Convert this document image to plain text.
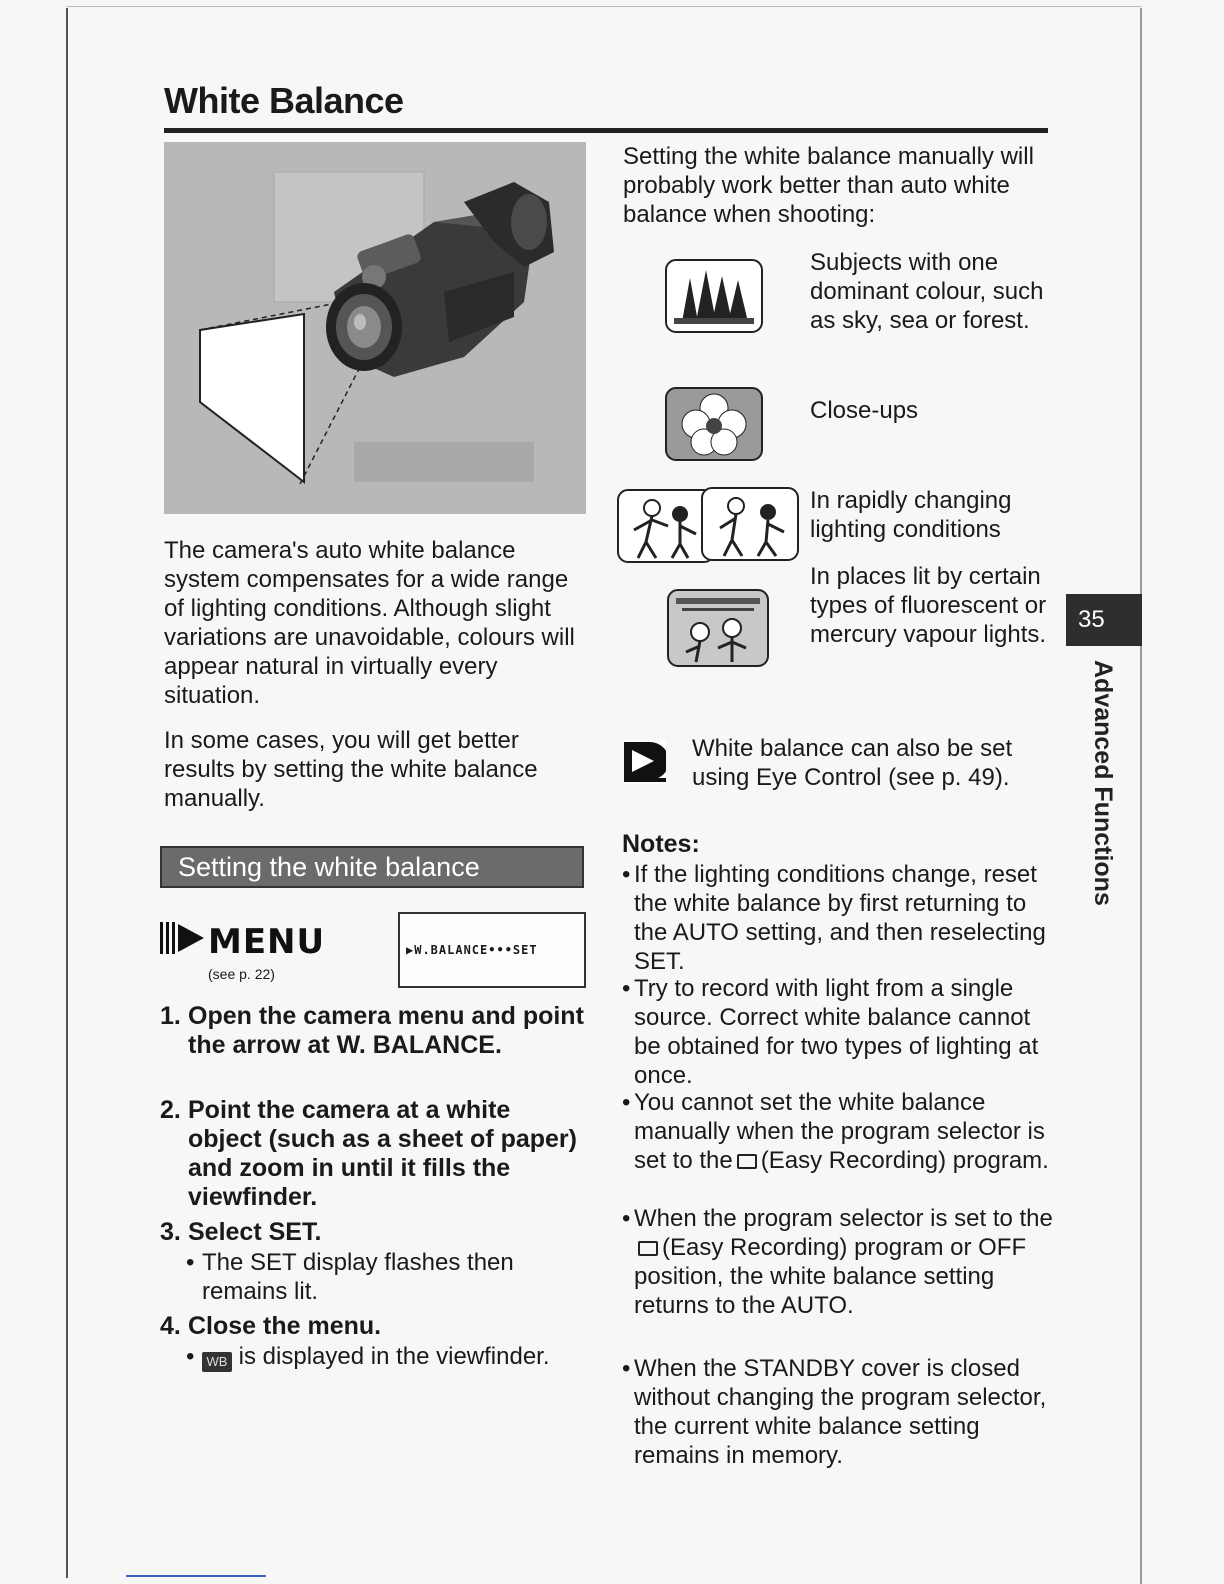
White Balance

The camera's auto white balance system compensates for a wide range of lighting conditions. Although slight variations are unavoidable, colours will appear natural in virtually every situation.

In some cases, you will get better results by setting the white balance manually.

Setting the white balance
MENU
(see p. 22)
▶W.BALANCE•••SET
1. Open the camera menu and point the arrow at W. BALANCE.
2. Point the camera at a white object (such as a sheet of paper) and zoom in until it fills the viewfinder.
3. Select SET.
• The SET display flashes then remains lit.
4. Close the menu.
• WB is displayed in the viewfinder.

Setting the white balance manually will probably work better than auto white balance when shooting:

Subjects with one dominant colour, such as sky, sea or forest.

Close-ups

In rapidly changing lighting conditions

In places lit by certain types of fluorescent or mercury vapour lights.

White balance can also be set using Eye Control (see p. 49).

Notes:
• If the lighting conditions change, reset the white balance by first returning to the AUTO setting, and then reselecting SET.
• Try to record with light from a single source. Correct white balance cannot be obtained for two types of lighting at once.
• You cannot set the white balance manually when the program selector is set to the (Easy Recording) program.
• When the program selector is set to the(Easy Recording) program or OFF position, the white balance setting returns to the AUTO.
• When the STANDBY cover is closed without changing the program selector, the current white balance setting remains in memory.
35
Advanced Functions
